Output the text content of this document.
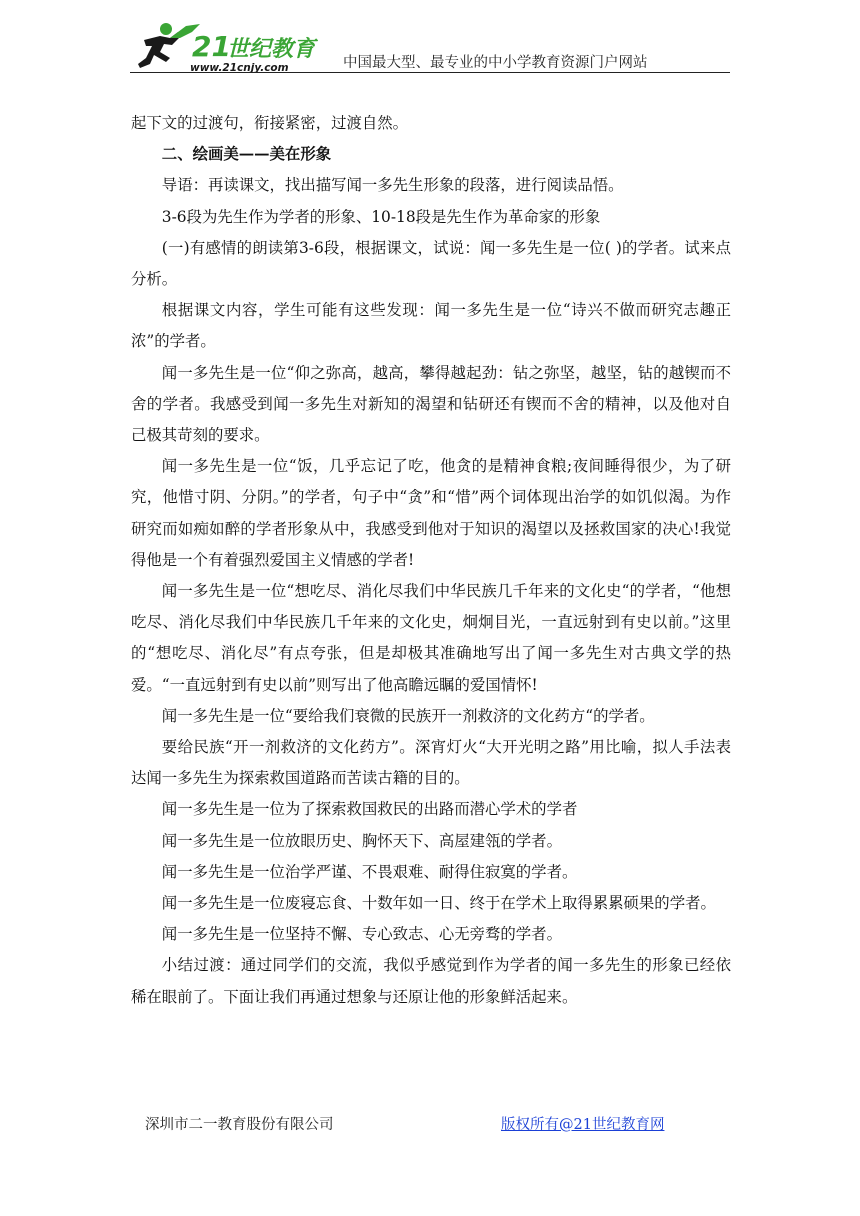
21
世纪教育
www.21cnjy.com	中国最大型、最专业的中小学教育资源门户网站

起下文的过渡句，衔接紧密，过渡自然。

二、绘画美——美在形象

导语：再读课文，找出描写闻一多先生形象的段落，进行阅读品悟。

3-6段为先生作为学者的形象、10-18段是先生作为革命家的形象

(一)有感情的朗读第3-6段，根据课文，试说：闻一多先生是一位( )的学者。试来点分析。

根据课文内容，学生可能有这些发现：闻一多先生是一位“诗兴不做而研究志趣正浓”的学者。

闻一多先生是一位“仰之弥高，越高，攀得越起劲：钻之弥坚，越坚，钻的越锲而不舍的学者。我感受到闻一多先生对新知的渴望和钻研还有锲而不舍的精神，以及他对自己极其苛刻的要求。

闻一多先生是一位“饭，几乎忘记了吃，他贪的是精神食粮;夜间睡得很少，为了研究，他惜寸阴、分阴。”的学者，句子中“贪”和“惜”两个词体现出治学的如饥似渴。为作研究而如痴如醉的学者形象从中，我感受到他对于知识的渴望以及拯救国家的决心!我觉得他是一个有着强烈爱国主义情感的学者!

闻一多先生是一位“想吃尽、消化尽我们中华民族几千年来的文化史“的学者，“他想吃尽、消化尽我们中华民族几千年来的文化史，炯炯目光，一直远射到有史以前。”这里的“想吃尽、消化尽”有点夸张，但是却极其准确地写出了闻一多先生对古典文学的热爱。“一直远射到有史以前”则写出了他高瞻远瞩的爱国情怀!

闻一多先生是一位“要给我们衰微的民族开一剂救济的文化药方“的学者。

要给民族“开一剂救济的文化药方”。深宵灯火“大开光明之路”用比喻，拟人手法表达闻一多先生为探索救国道路而苦读古籍的目的。

闻一多先生是一位为了探索救国救民的出路而潜心学术的学者

闻一多先生是一位放眼历史、胸怀天下、高屋建瓴的学者。

闻一多先生是一位治学严谨、不畏艰难、耐得住寂寞的学者。

闻一多先生是一位废寝忘食、十数年如一日、终于在学术上取得累累硕果的学者。

闻一多先生是一位坚持不懈、专心致志、心无旁骛的学者。

小结过渡：通过同学们的交流，我似乎感觉到作为学者的闻一多先生的形象已经依稀在眼前了。下面让我们再通过想象与还原让他的形象鲜活起来。

深圳市二一教育股份有限公司	版权所有@21世纪教育网
